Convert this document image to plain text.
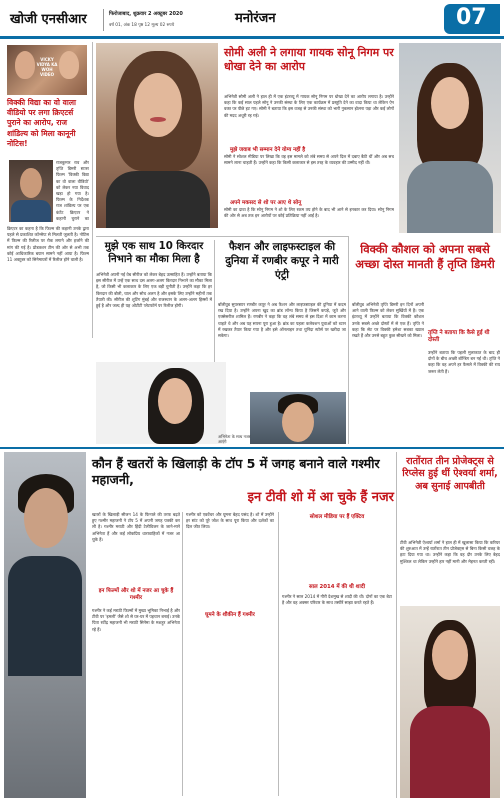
खोजी एनसीआर	फिरोजाबाद, शुक्रवार 2 अक्टूबर 2020
वर्ष 01, अंक 18 पृष्ठ 12 मूल्य 02 रुपये	मनोरंजन	07
VICKY VIDYA KA WOH VIDEO
विक्की विद्या का वो वाला वीडियो पर लगा क्रिएटर्स पुराने का आरोप, राज शांडिल्य को मिला कानूनी नोटिस!
राजकुमार राव और तृप्ति डिमरी स्टारर फिल्म 'विक्की विद्या का वो वाला वीडियो' को लेकर नया विवाद खड़ा हो गया है। फिल्म के निर्देशक राज शांडिल्य पर एक कंटेंट क्रिएटर ने कहानी चुराने का
क्रिएटर का कहना है कि फिल्म की कहानी उनके द्वारा पहले से प्रकाशित कॉन्सेप्ट से मिलती जुलती है। नोटिस में फिल्म की रिलीज पर रोक लगाने और हर्जाने की मांग की गई है। प्रोडक्शन टीम की ओर से अभी तक कोई आधिकारिक बयान सामने नहीं आया है। फिल्म 11 अक्टूबर को सिनेमाघरों में रिलीज होने वाली है।
सोमी अली ने लगाया गायक सोनू निगम पर धोखा देने का आरोप
अभिनेत्री सोमी अली ने हाल ही में एक इंटरव्यू में गायक सोनू निगम पर धोखा देने का आरोप लगाया है। उन्होंने कहा कि कई साल पहले सोनू ने उनकी संस्था के लिए एक कार्यक्रम में प्रस्तुति देने का वादा किया था लेकिन ऐन वक्त पर पीछे हट गए। सोमी ने बताया कि इस वजह से उनकी संस्था को भारी नुकसान झेलना पड़ा और कई लोगों की मदद अधूरी रह गई।
मुझे जवाब भी सम्मान देने योग्य नहीं है
सोमी ने सोशल मीडिया पर लिखा कि वह इस मामले को लंबे समय से अपने दिल में दबाए बैठी थीं और अब सच सामने लाना चाहती हैं। उन्होंने कहा कि किसी कलाकार से इस तरह के व्यवहार की उम्मीद नहीं थी।
अपने मकसद से शो पर आए थे सोनू
सोमी का दावा है कि सोनू निगम ने शो के लिए रकम तय होने के बाद भी आने से इनकार कर दिया। सोनू निगम की ओर से अब तक इन आरोपों पर कोई प्रतिक्रिया नहीं आई है।
विक्की कौशल को अपना सबसे अच्छा दोस्त मानती हैं तृप्ति डिमरी
बॉलीवुड अभिनेत्री तृप्ति डिमरी इन दिनों अपनी आने वाली फिल्म को लेकर सुर्खियों में हैं। एक इंटरव्यू में उन्होंने बताया कि विक्की कौशल उनके सबसे अच्छे दोस्तों में से एक हैं। तृप्ति ने कहा कि सेट पर विक्की हमेशा सबका ख्याल रखते हैं और उनसे बहुत कुछ सीखने को मिला।	तृप्ति ने बताया कि कैसे हुई थी दोस्ती
उन्होंने बताया कि पहली मुलाकात के बाद ही दोनों के बीच अच्छी बॉन्डिंग बन गई थी। तृप्ति ने कहा कि वह अपने हर फैसले में विक्की की राय जरूर लेती हैं।
मुझे एक साथ 10 किरदार निभाने का मौका मिला है
अभिनेत्री अपनी नई वेब सीरीज को लेकर बेहद उत्साहित हैं। उन्होंने बताया कि इस सीरीज में उन्हें एक साथ दस अलग-अलग किरदार निभाने का मौका मिला है, जो किसी भी कलाकार के लिए एक बड़ी चुनौती है। उन्होंने कहा कि हर किरदार की बोली, चाल और सोच अलग है और इसके लिए उन्होंने महीनों तक तैयारी की। सीरीज की शूटिंग मुंबई और राजस्थान के अलग-अलग हिस्सों में हुई है और जल्द ही यह ओटीटी प्लेटफॉर्म पर रिलीज होगी।
फैशन और लाइफस्टाइल की दुनिया में रणबीर कपूर ने मारी एंट्री
बॉलीवुड सुपरस्टार रणबीर कपूर ने अब फैशन और लाइफस्टाइल की दुनिया में कदम रख दिया है। उन्होंने अपना खुद का ब्रांड लॉन्च किया है जिसमें कपड़े, जूते और एक्सेसरीज शामिल हैं। रणबीर ने कहा कि वह लंबे समय से इस दिशा में काम करना चाहते थे और अब यह सपना पूरा हुआ है। ब्रांड का पहला कलेक्शन युवाओं को ध्यान में रखकर तैयार किया गया है और इसे ऑनलाइन तथा चुनिंदा स्टोर्स पर खरीदा जा सकेगा।
अभिनेता के साथ नजर आएंगे
कौन हैं खतरों के खिलाड़ी के टॉप 5 में जगह बनाने वाले गश्मीर महाजनी,
इन टीवी शो में आ चुके हैं नजर
खतरों के खिलाड़ी सीजन 14 के फिनाले की तरफ बढ़ते हुए गश्मीर महाजनी ने टॉप 5 में अपनी जगह पक्की कर ली है। गश्मीर मराठी और हिंदी टेलीविजन के जाने-माने अभिनेता हैं और कई लोकप्रिय धारावाहिकों में नजर आ चुके हैं।
इन फिल्मों और शो में नजर आ चुके हैं गश्मीर
गश्मीर ने कई मराठी फिल्मों में मुख्य भूमिका निभाई है और टीवी पर 'इमली' जैसे शो से घर-घर में पहचान बनाई। उनके पिता रवींद्र महाजनी भी मराठी सिनेमा के मशहूर अभिनेता रहे हैं।
गश्मीर को एडवेंचर और घूमना बेहद पसंद है। शो में उन्होंने हर स्टंट को पूरे जोश के साथ पूरा किया और दर्शकों का दिल जीत लिया।
घूमने के शौकीन हैं गश्मीर
सोशल मीडिया पर हैं एक्टिव
साल 2014 में की थी शादी
गश्मीर ने साल 2014 में गौरी देशमुख से शादी की थी। दोनों का एक बेटा है और वह अक्सर परिवार के साथ तस्वीरें साझा करते रहते हैं।
रातोंरात तीन प्रोजेक्ट्स से रिप्लेस हुई थीं ऐश्वर्या शर्मा, अब सुनाई आपबीती
टीवी अभिनेत्री ऐश्वर्या शर्मा ने हाल ही में खुलासा किया कि करियर की शुरुआत में उन्हें रातोंरात तीन प्रोजेक्ट्स से बिना किसी वजह के हटा दिया गया था। उन्होंने कहा कि वह दौर उनके लिए बेहद मुश्किल था लेकिन उन्होंने हार नहीं मानी और मेहनत करती रहीं।
